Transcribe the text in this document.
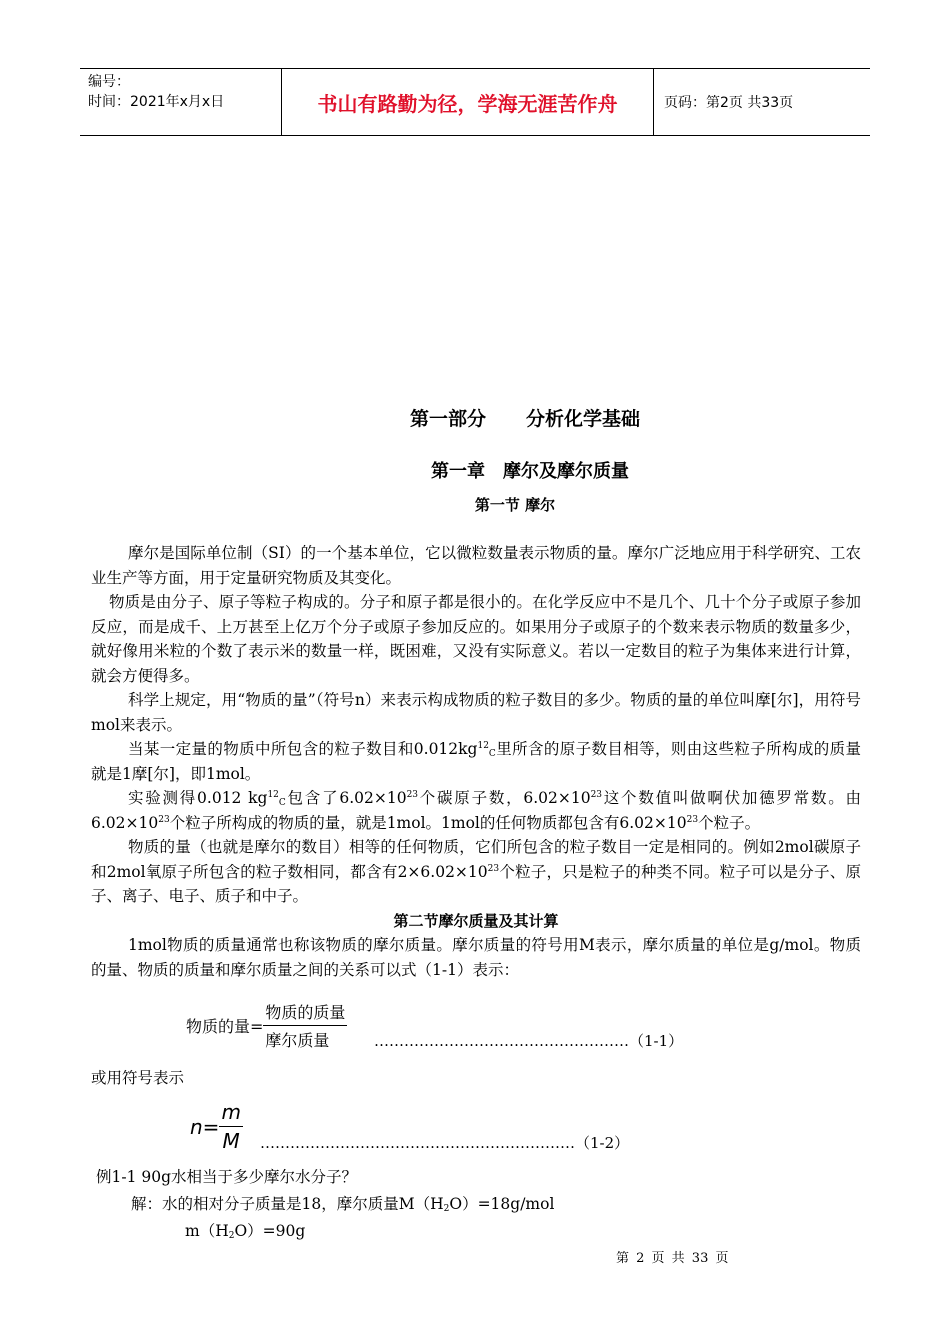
编号：
时间：2021年x月x日	书山有路勤为径，学海无涯苦作舟	页码：第2页 共33页
第一部分 分析化学基础
第一章　摩尔及摩尔质量
第一节 摩尔

摩尔是国际单位制（SI）的一个基本单位，它以微粒数量表示物质的量。摩尔广泛地应用于科学研究、工农业生产等方面，用于定量研究物质及其变化。

物质是由分子、原子等粒子构成的。分子和原子都是很小的。在化学反应中不是几个、几十个分子或原子参加反应，而是成千、上万甚至上亿万个分子或原子参加反应的。如果用分子或原子的个数来表示物质的数量多少，就好像用米粒的个数了表示米的数量一样，既困难，又没有实际意义。若以一定数目的粒子为集体来进行计算，就会方便得多。

科学上规定，用“物质的量”（符号n）来表示构成物质的粒子数目的多少。物质的量的单位叫摩[尔]，用符号mol来表示。

当某一定量的物质中所包含的粒子数目和$0.012kg^{12}_C$里所含的原子数目相等，则由这些粒子所构成的质量就是1摩[尔]，即1mol。

实验测得0.012 $kg^{12}_C$包含了$6.02\times 10^{23}$个碳原子数，$6.02\times 10^{23}$这个数值叫做啊伏加德罗常数。由$6.02\times 10^{23}$个粒子所构成的物质的量，就是1mol。1mol的任何物质都包含有$6.02\times 10^{23}$个粒子。

物质的量（也就是摩尔的数目）相等的任何物质，它们所包含的粒子数目一定是相同的。例如2mol碳原子和2mol氧原子所包含的粒子数相同，都含有$2\times 6.02\times 10^{23}$个粒子，只是粒子的种类不同。粒子可以是分子、原子、离子、电子、质子和中子。

第二节摩尔质量及其计算

1mol物质的质量通常也称该物质的摩尔质量。摩尔质量的符号用M表示，摩尔质量的单位是g/mol。物质的量、物质的质量和摩尔质量之间的关系可以式（1-1）表示：

物质的量= $\frac{\text{物质的质量}}{\text{摩尔质量}}$ ……………………………………………（1-1）
或用符号表示
$n= \frac{m}{M}$ ………………………………………………………（1-2）
例1-1 90g水相当于多少摩尔水分子？
解：水的相对分子质量是18，摩尔质量$M(H_2O)=18g$/mol
$m(H_2O)=90g$
第 2 页 共 33 页
